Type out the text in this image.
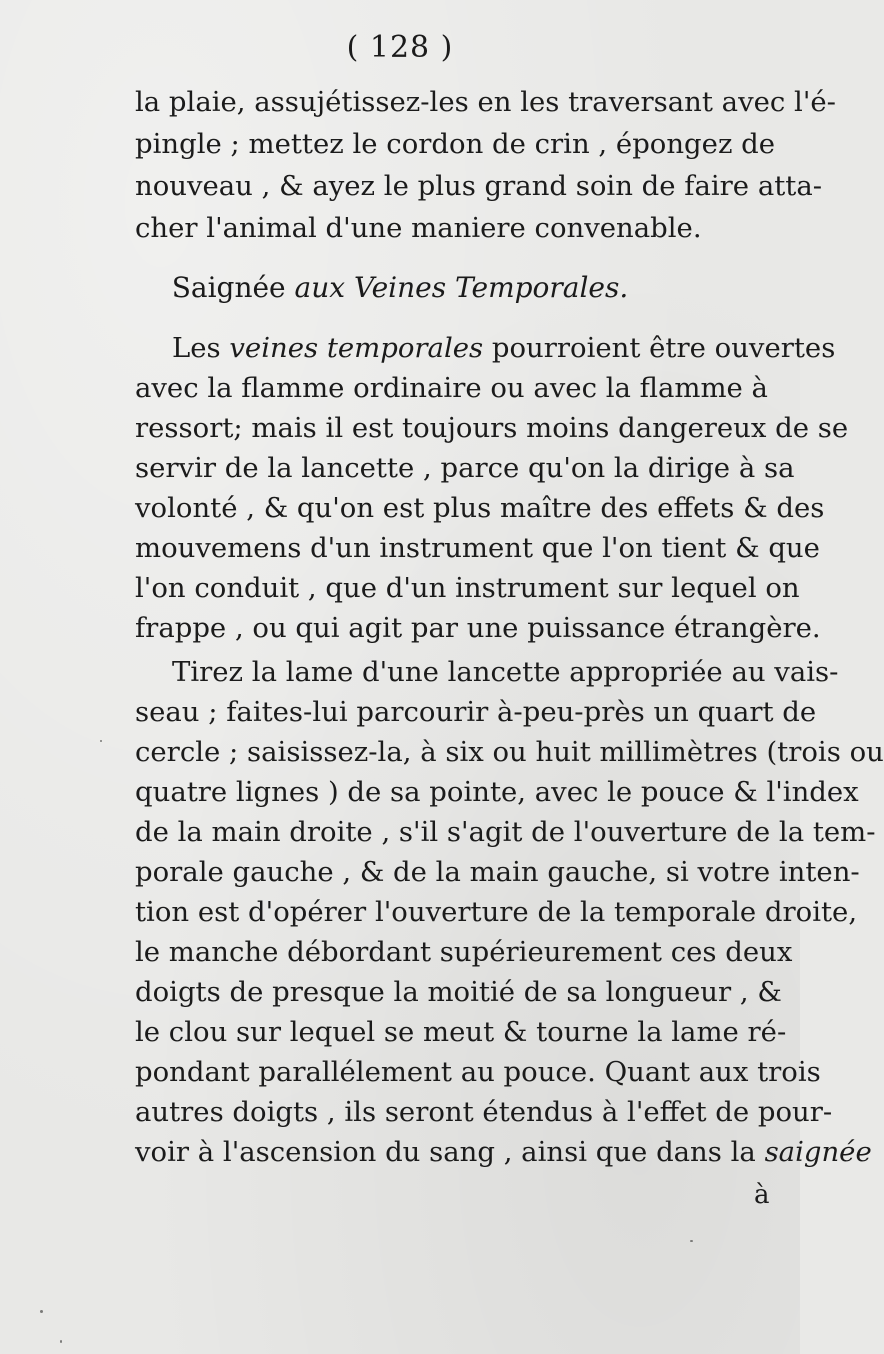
( 128 )
la plaie, assujétissez-les en les traversant avec l'é-
pingle ; mettez le cordon de crin , épongez de
nouveau , & ayez le plus grand soin de faire atta-
cher l'animal d'une maniere convenable.
Saignée aux Veines Temporales.
Les veines temporales pourroient être ouvertes
avec la flamme ordinaire ou avec la flamme à
ressort; mais il est toujours moins dangereux de se
servir de la lancette , parce qu'on la dirige à sa
volonté , & qu'on est plus maître des effets & des
mouvemens d'un instrument que l'on tient & que
l'on conduit , que d'un instrument sur lequel on
frappe , ou qui agit par une puissance étrangère.
Tirez la lame d'une lancette appropriée au vais-
seau ; faites-lui parcourir à-peu-près un quart de
cercle ; saisissez-la, à six ou huit millimètres (trois ou
quatre lignes ) de sa pointe, avec le pouce & l'index
de la main droite , s'il s'agit de l'ouverture de la tem-
porale gauche , & de la main gauche, si votre inten-
tion est d'opérer l'ouverture de la temporale droite,
le manche débordant supérieurement ces deux
doigts de presque la moitié de sa longueur , &
le clou sur lequel se meut & tourne la lame ré-
pondant parallélement au pouce. Quant aux trois
autres doigts , ils seront étendus à l'effet de pour-
voir à l'ascension du sang , ainsi que dans la saignée
à
